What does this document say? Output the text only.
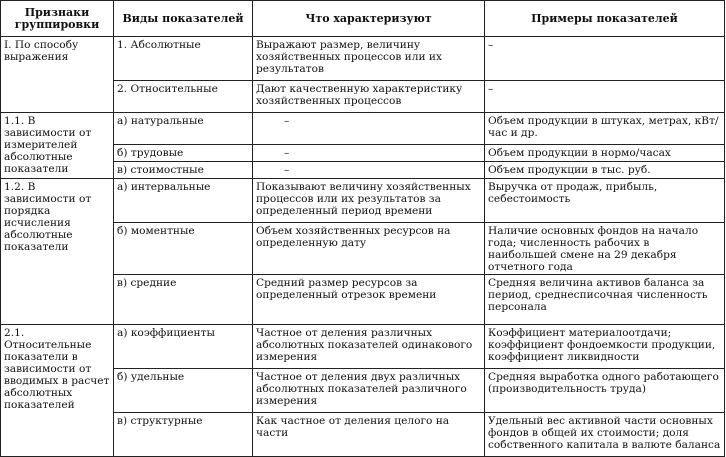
Признаки группировки	Виды показателей	Что характеризуют	Примеры показателей
I. По способу выражения	1. Абсолютные	Выражают размер, величину хозяйственных процессов или их результатов	–
	2. Относительные	Дают качественную характеристику хозяйственных процессов	–
1.1. В зависимости от измерителей абсолютные показатели	а) натуральные	–	Объем продукции в штуках, метрах, кВт/час и др.
	б) трудовые	–	Объем продукции в нормо/часах
	в) стоимостные	–	Объем продукции в тыс. руб.
1.2. В зависимости от порядка исчисления абсолютные показатели	а) интервальные	Показывают величину хозяйственных процессов или их результатов за определенный период времени	Выручка от продаж, прибыль, себестоимость
	б) моментные	Объем хозяйственных ресурсов на определенную дату	Наличие основных фондов на начало года; численность рабочих в наибольшей смене на 29 декабря отчетного года
	в) средние	Средний размер ресурсов за определенный отрезок времени	Средняя величина активов баланса за период, среднесписочная численность персонала
2.1. Относительные показатели в зависимости от вводимых в расчет абсолютных показателей	а) коэффициенты	Частное от деления различных абсолютных показателей одинакового измерения	Коэффициент материалоотдачи; коэффициент фондоемкости продукции, коэффициент ликвидности
	б) удельные	Частное от деления двух различных абсолютных показателей различного измерения	Средняя выработка одного работающего (производительность труда)
	в) структурные	Как частное от деления целого на части	Удельный вес активной части основных фондов в общей их стоимости; доля собственного капитала в валюте баланса
